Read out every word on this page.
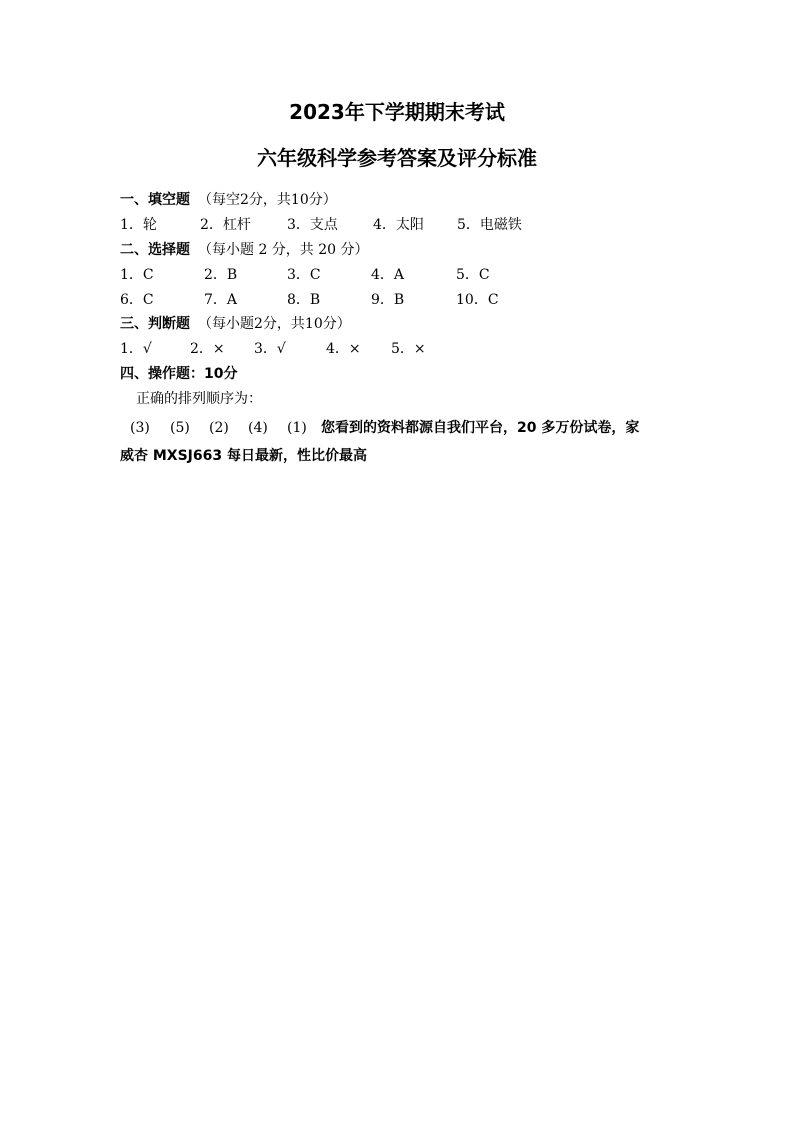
2023年下学期期末考试
六年级科学参考答案及评分标准
一、填空题 （每空2分，共10分）
1．轮	2．杠杆	3．支点	4．太阳 5．电磁铁
二、选择题 （每小题 2 分，共 20 分）
1．C	2．B	3．C	4．A	5．C
6．C	7．A	8．B	9．B	10．C
三、判断题 （每小题2分，共10分）
1．√	2．× 3．√	4．× 5．×
四、操作题：10分
正确的排列顺序为：
(3) (5) (2) (4) (1) 您看到的资料都源自我们平台，20 多万份试卷，家
威杏 MXSJ663 每日最新，性比价最高
